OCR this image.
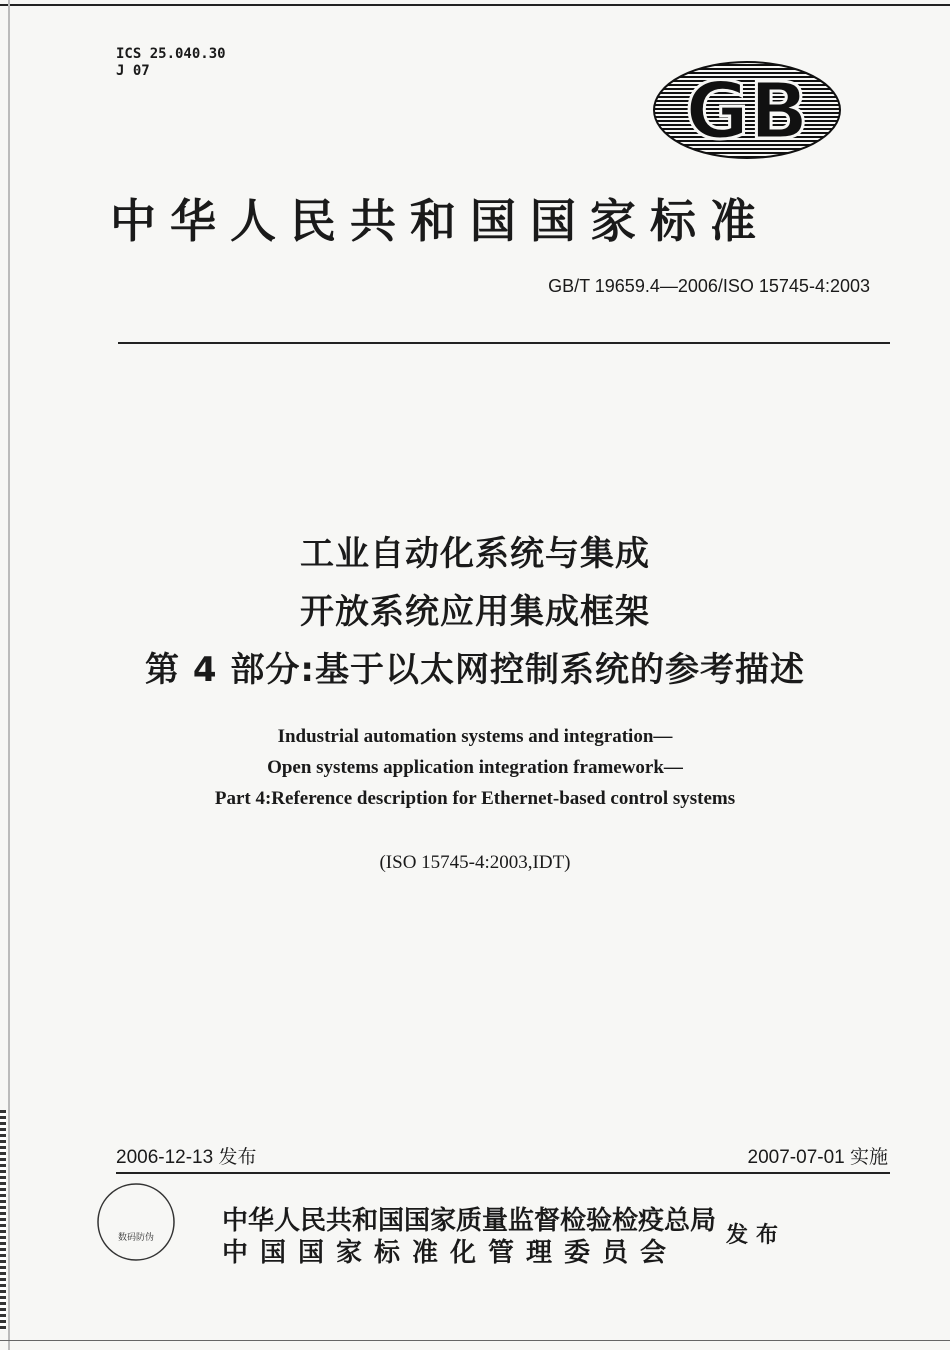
ICS 25.040.30
J 07	GB
中华人民共和国国家标准
GB/T 19659.4—2006/ISO 15745-4:2003
工业自动化系统与集成
开放系统应用集成框架
第 4 部分:基于以太网控制系统的参考描述
Industrial automation systems and integration—
Open systems application integration framework—
Part 4:Reference description for Ethernet-based control systems
(ISO 15745-4:2003,IDT)
2006-12-13 发布	2007-07-01 实施
数码防伪
中华人民共和国国家质量监督检验检疫总局
中国国家标准化管理委员会
发布
